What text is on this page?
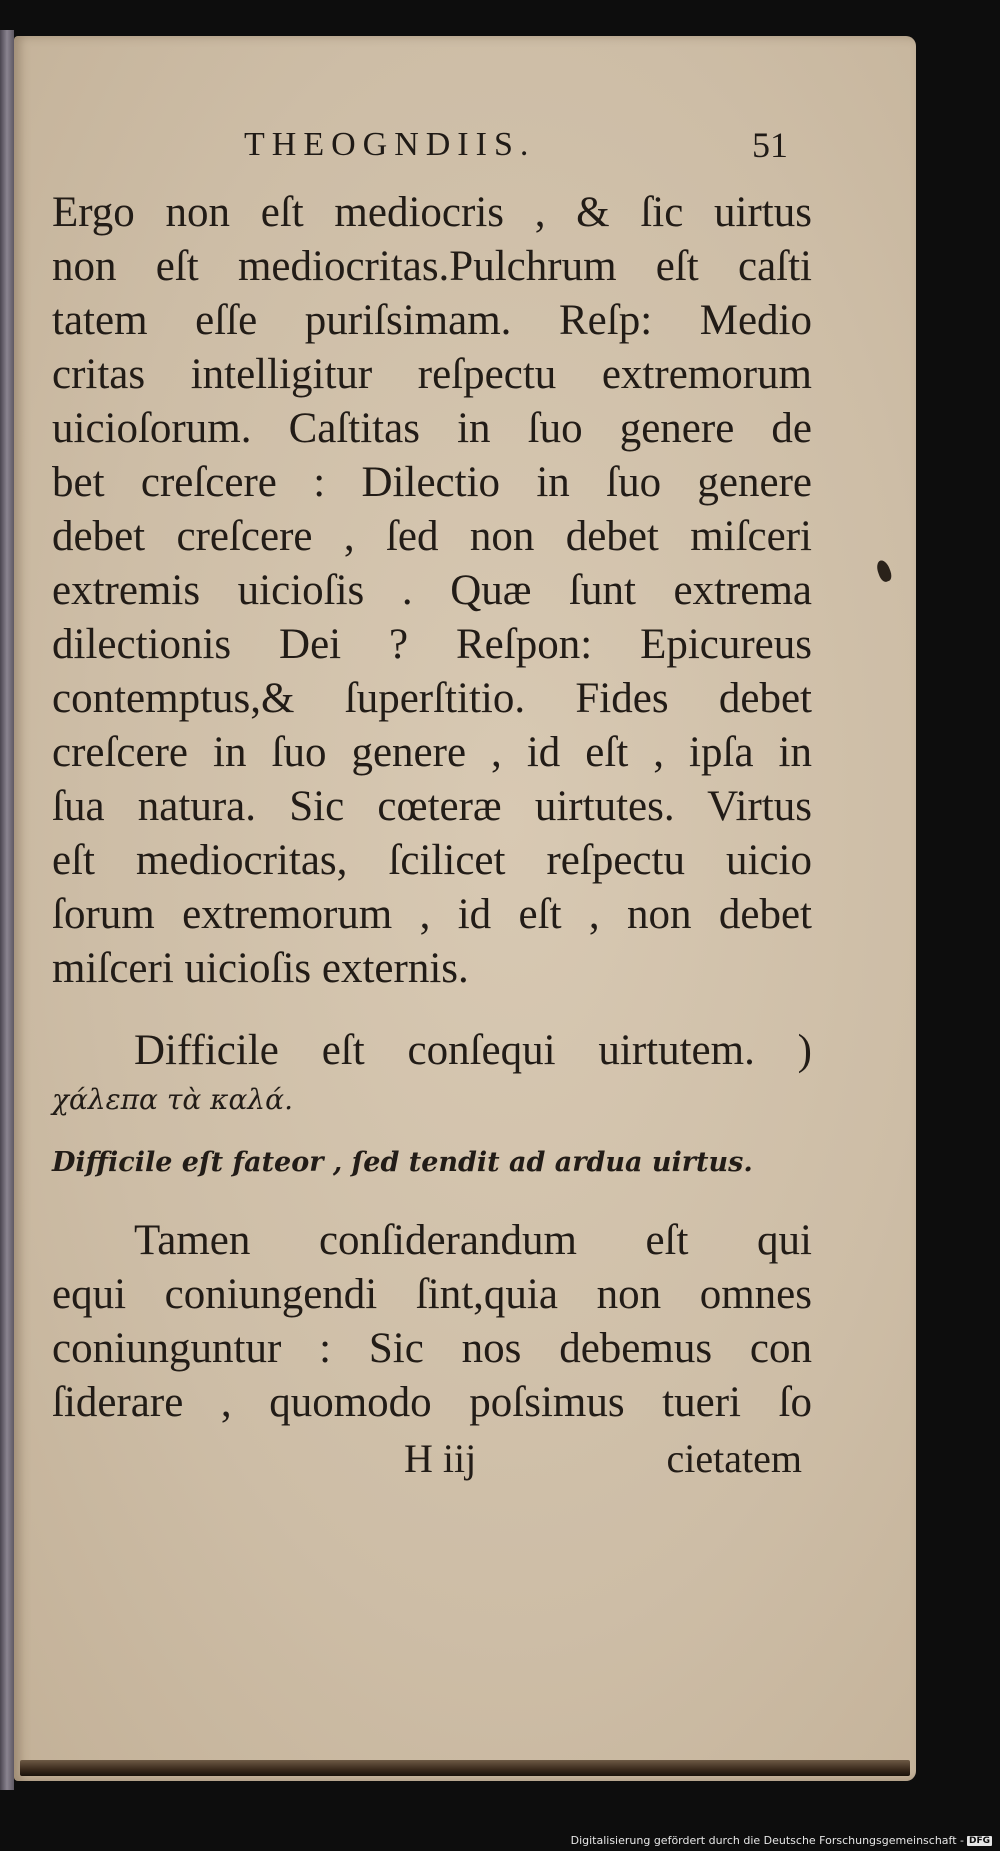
THEOGNDIIS.	51
Ergo non eſt mediocris , & ſic uirtus
non eſt mediocritas.Pulchrum eſt caſti
tatem eſſe puriſsimam. Reſp: Medio
critas intelligitur reſpectu extremorum
uicioſorum. Caſtitas in ſuo genere de
bet creſcere : Dilectio in ſuo genere
debet creſcere , ſed non debet miſceri
extremis uicioſis . Quæ ſunt extrema
dilectionis Dei ? Reſpon: Epicureus
contemptus,& ſuperſtitio. Fides debet
creſcere in ſuo genere , id eſt , ipſa in
ſua natura. Sic cœteræ uirtutes. Virtus
eſt mediocritas, ſcilicet reſpectu uicio
ſorum extremorum , id eſt , non debet
miſceri uicioſis externis.
Difficile eſt conſequi uirtutem. )
χάλεπα τὰ καλά.
Difficile eſt fateor , ſed tendit ad ardua uirtus.
Tamen conſiderandum eſt qui
equi coniungendi ſint,quia non omnes
coniunguntur : Sic nos debemus con
ſiderare , quomodo poſsimus tueri ſo
H iij	cietatem
Digitalisierung gefördert durch die Deutsche Forschungsgemeinschaft - DFG
